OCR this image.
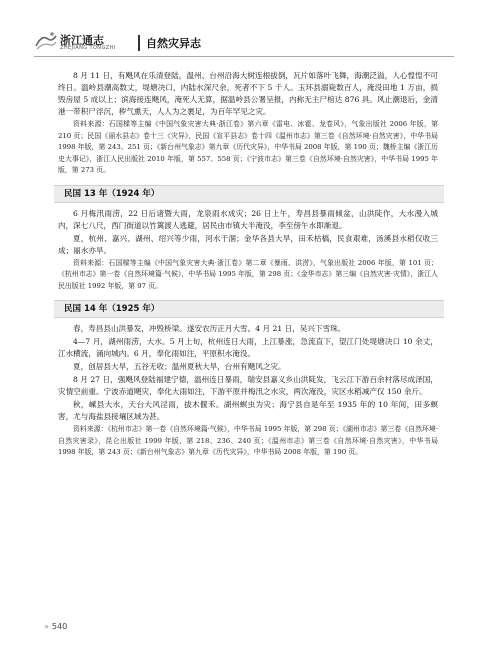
浙江通志
ZHEJIANG TONGZHI	自然灾异志

8 月 11 日，有飓风在乐清登陆，温州、台州沿海大树连根拔倒，瓦片如落叶飞舞，海潮泛溢，人心惶惶不可终日。温岭县潮高数丈，堤塘决口，内陆水深尺余，死者不下 5 千人。玉环县溺毙数百人，淹没田地 1 万亩，损毁房屋 5 成以上；滨海接连飓风，淹死人无算，据温岭县公署呈报，内称无主尸棺达 876 具。风止潮退后，金清港一带积尸浮沉，秽气熏天，人人为之裹足，为百年罕见之灾。

资料来源：石国樑等主编《中国气象灾害大典·浙江卷》第六章《雷电、冰雹、龙卷风》，气象出版社 2006 年版，第 210 页；民国《丽水县志》卷十三《灾异》，民国《宣平县志》卷十四《温州市志》第三卷《自然环境·自然灾害》，中华书局 1998 年版，第 243、251 页；《新台州气象志》第九章《历代灾异》，中华书局 2008 年版，第 190 页；魏桥主编《浙江历史大事记》，浙江人民出版社 2010 年版，第 557、558 页；《宁波市志》第三卷《自然环境·自然灾害》，中华书局 1995 年版，第 273 页。

民国 13 年（1924 年）

6 月梅汛雨涝，22 日后诸暨大雨，龙泉雨水成灾；26 日上午，寿昌县暴雨倾盆，山洪陡作，大水漫入城内，深七八尺，西门街道以竹篱渡人逃避，居民由市镇大半淹没，李至傍午水即渐退。

夏，杭州、嘉兴、湖州、绍兴等少雨，河水干涸；金华各县大旱，田禾枯槁，民食艰难，汤溪县水稻仅收三成；丽水亦旱。

资料来源：石国樑等主编《中国气象灾害大典·浙江卷》第二章《暴雨、洪涝》，气象出版社 2006 年版，第 101 页；《杭州市志》第一卷《自然环境篇·气候》，中华书局 1995 年版，第 298 页；《金华市志》第三编《自然灾害·灾情》，浙江人民出版社 1992 年版，第 97 页。

民国 14 年（1925 年）

春，寿昌县山洪暴发，冲毁桥梁。遂安农历正月大雪。4 月 21 日，吴兴下雪珠。

4—7 月，湖州雨涝，大水。5 月上旬，杭州连日大雨，上江暴涨，急流直下，望江门处堤塘决口 10 余丈，江水横流，涌向城内。6 月，奉化雨如注，平原积水淹没。

夏，创居县大旱，五谷无收；温州夏秋大旱，台州有飓风之灾。

8 月 27 日，强飓风登陆福建宁德，温州连日暴雨，瑞安县嘉义乡山洪陡发，飞云江下游百余村落尽成泽国，灾情空前重。宁波赤道飓灾，奉化大雨如注，下游平原并梅汛之水灾，两次淹没，灾区水稻减产仅 150 余斤。

秋，嵊县大水，天台大风淫雨，拔木偃禾。湖州螟虫为灾；海宁县自是年至 1935 年的 10 年间，田多螟害，尤与海盐县接壤区域为甚。

资料来源：《杭州市志》第一卷《自然环境篇·气候》，中华书局 1995 年版，第 298 页；《湖州市志》第三卷《自然环境·自然灾害录》，昆仑出版社 1999 年版，第 218、236、240 页；《温州市志》第三卷《自然环境·自然灾害》，中华书局 1998 年版，第 243 页；《新台州气象志》第九章《历代灾异》，中华书局 2008 年版，第 190 页。

» 540
